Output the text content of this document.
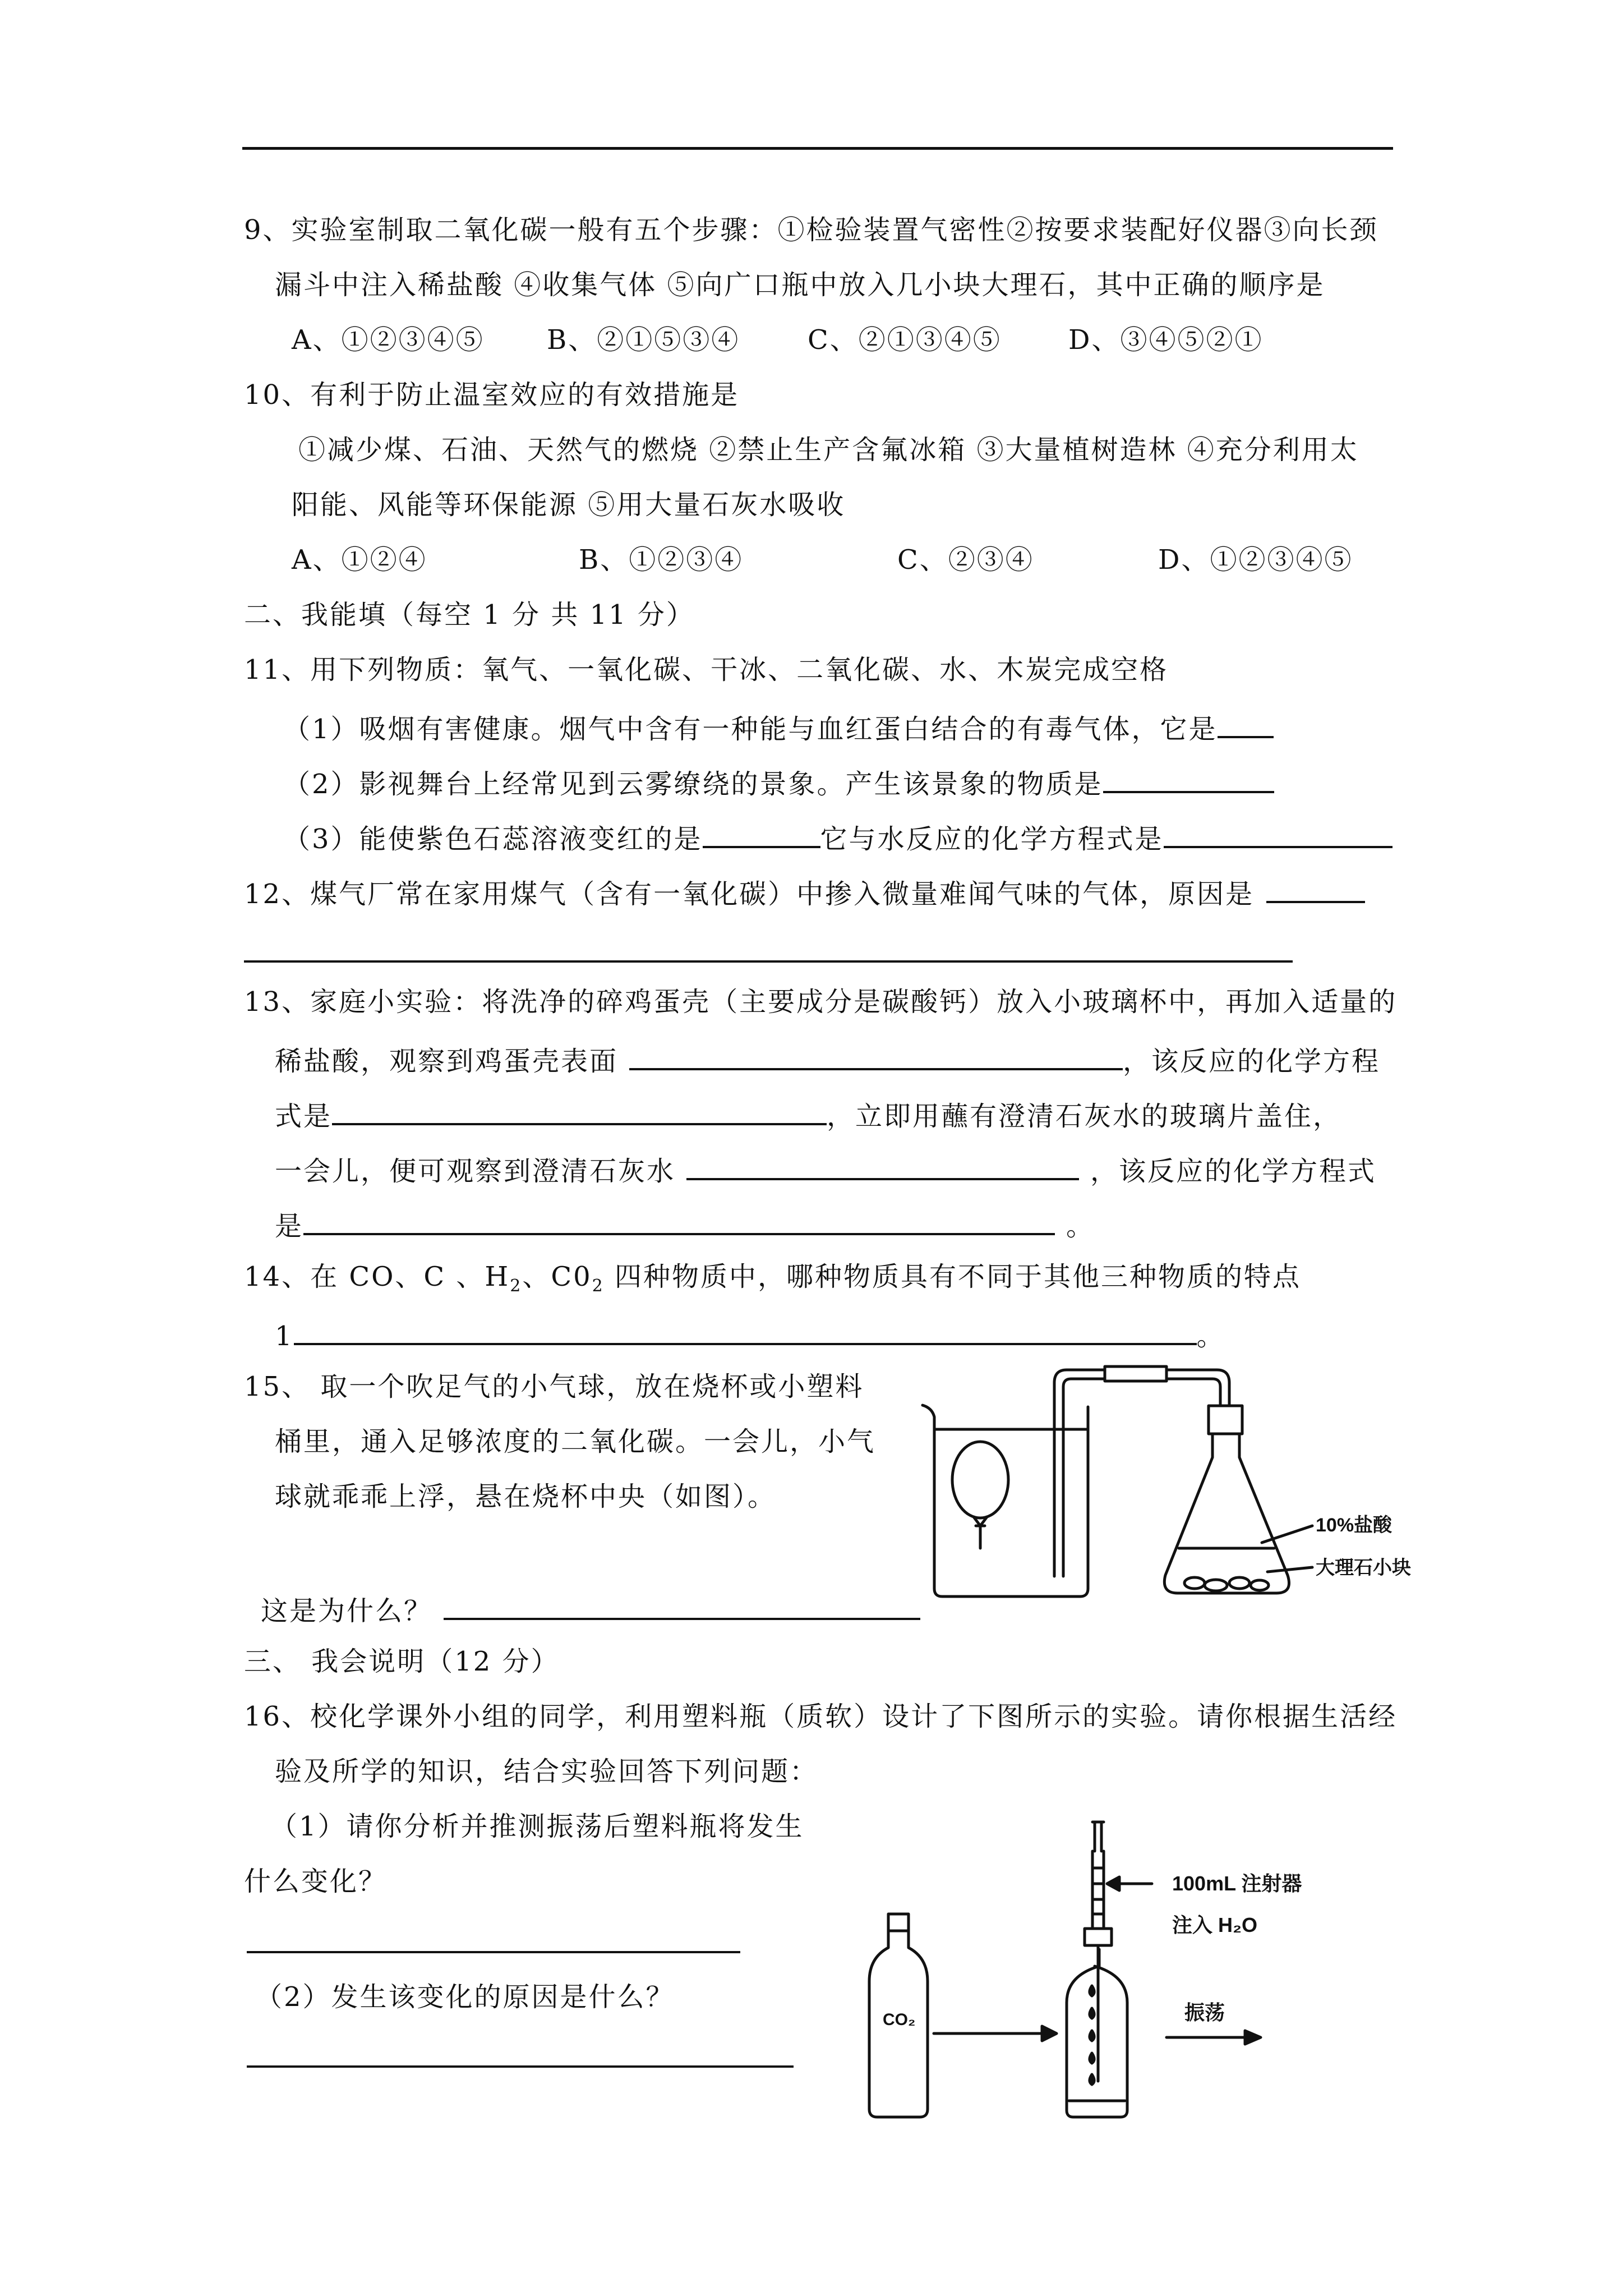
9、实验室制取二氧化碳一般有五个步骤：①检验装置气密性②按要求装配好仪器③向长颈
漏斗中注入稀盐酸 ④收集气体 ⑤向广口瓶中放入几小块大理石，其中正确的顺序是
A、①②③④⑤ B、②①⑤③④	C、②①③④⑤ D、③④⑤②①
10、有利于防止温室效应的有效措施是
①减少煤、石油、天然气的燃烧 ②禁止生产含氟冰箱 ③大量植树造林 ④充分利用太
阳能、风能等环保能源 ⑤用大量石灰水吸收
A、①②④	B、①②③④	C、②③④	D、①②③④⑤
二、我能填（每空 1 分 共 11 分）
11、用下列物质：氧气、一氧化碳、干冰、二氧化碳、水、木炭完成空格
（1）吸烟有害健康。烟气中含有一种能与血红蛋白结合的有毒气体，它是
（2）影视舞台上经常见到云雾缭绕的景象。产生该景象的物质是
（3）能使紫色石蕊溶液变红的是	它与水反应的化学方程式是
12、煤气厂常在家用煤气（含有一氧化碳）中掺入微量难闻气味的气体，原因是
13、家庭小实验：将洗净的碎鸡蛋壳（主要成分是碳酸钙）放入小玻璃杯中，再加入适量的
稀盐酸，观察到鸡蛋壳表面	，该反应的化学方程
式是	，立即用蘸有澄清石灰水的玻璃片盖住，
一会儿，便可观察到澄清石灰水	，该反应的化学方程式
是	。
14、在 CO、C 、$H_2$、$C0_2$ 四种物质中，哪种物质具有不同于其他三种物质的特点
1	。
15、 取一个吹足气的小气球，放在烧杯或小塑料
桶里，通入足够浓度的二氧化碳。一会儿，小气
球就乖乖上浮，悬在烧杯中央（如图）。
这是为什么？
10%盐酸
大理石小块
三、 我会说明（12 分）
16、校化学课外小组的同学，利用塑料瓶（质软）设计了下图所示的实验。请你根据生活经
验及所学的知识，结合实验回答下列问题：
（1）请你分析并推测振荡后塑料瓶将发生
什么变化？
（2）发生该变化的原因是什么？
CO₂
100mL 注射器
注入 H₂O
振荡
